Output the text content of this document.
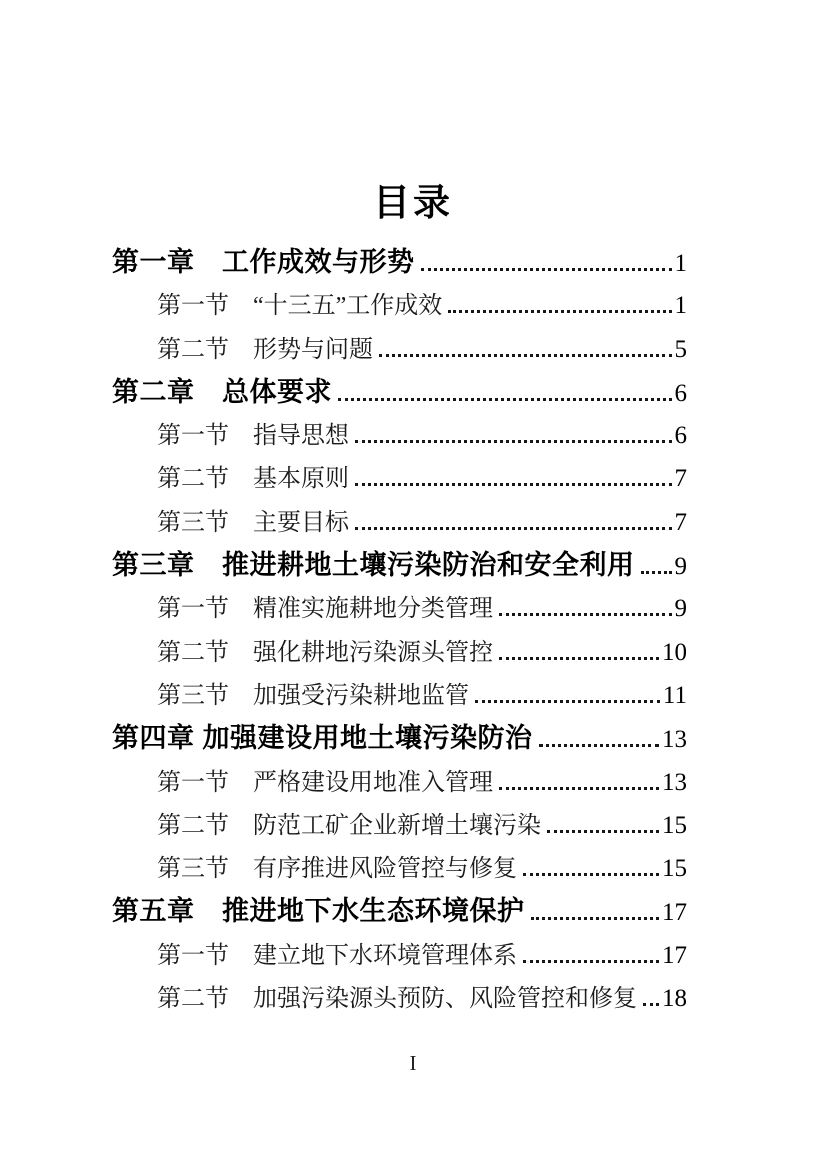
目录
第一章　工作成效与形势	1
第一节　“十三五”工作成效	1
第二节　形势与问题	5
第二章　总体要求	6
第一节　指导思想	6
第二节　基本原则	7
第三节　主要目标	7
第三章　推进耕地土壤污染防治和安全利用 9
第一节　精准实施耕地分类管理	9
第二节　强化耕地污染源头管控	10
第三节　加强受污染耕地监管	11
第四章 加强建设用地土壤污染防治	13
第一节　严格建设用地准入管理	13
第二节　防范工矿企业新增土壤污染	15
第三节　有序推进风险管控与修复	15
第五章　推进地下水生态环境保护	17
第一节　建立地下水环境管理体系	17
第二节　加强污染源头预防、风险管控和修复 18
I
